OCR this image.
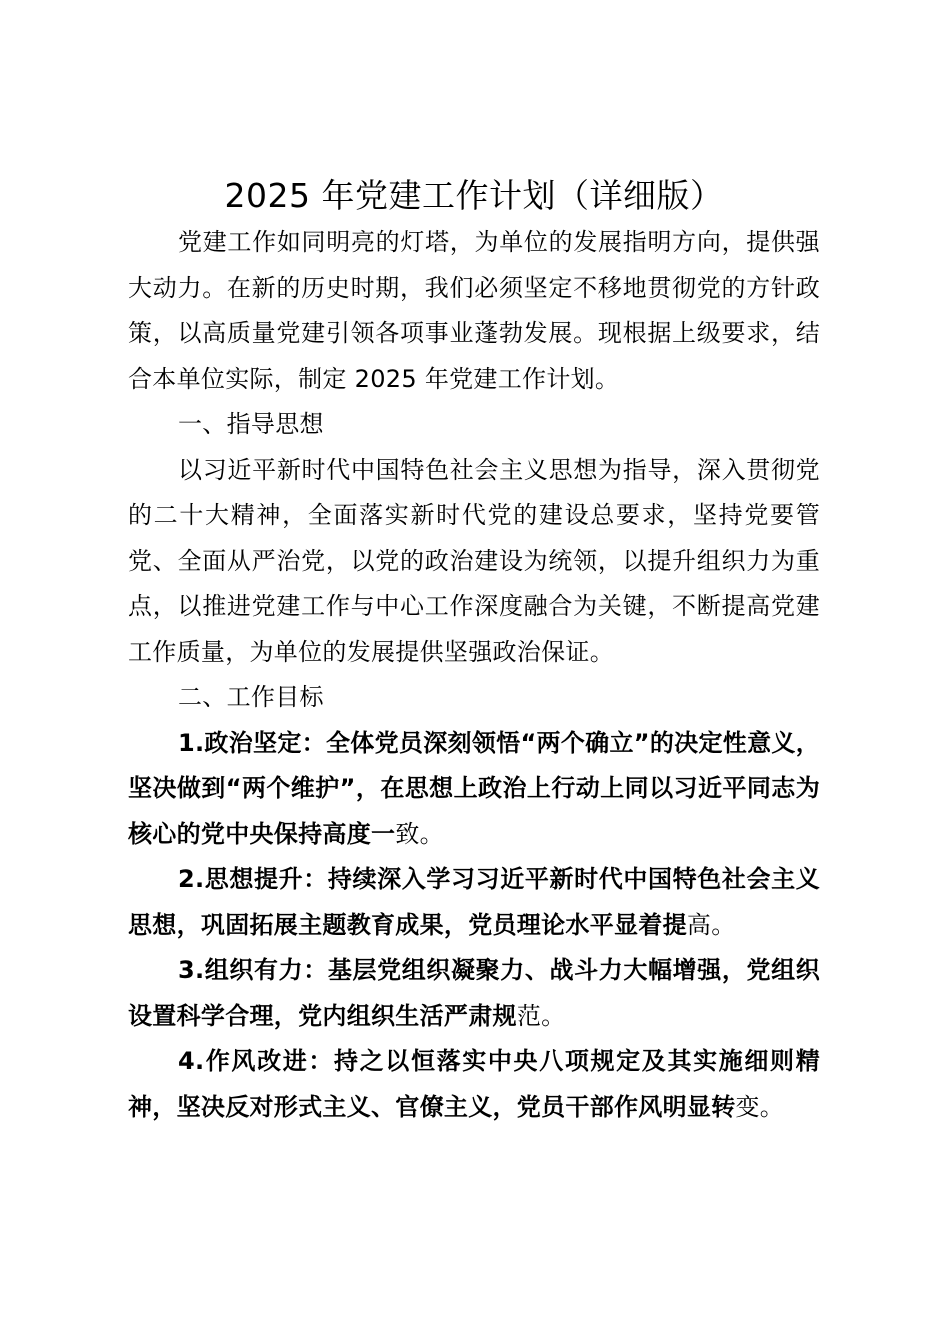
2025 年党建工作计划（详细版）

党建工作如同明亮的灯塔，为单位的发展指明方向，提供强大动力。在新的历史时期，我们必须坚定不移地贯彻党的方针政策，以高质量党建引领各项事业蓬勃发展。现根据上级要求，结合本单位实际，制定 2025 年党建工作计划。

一、指导思想

以习近平新时代中国特色社会主义思想为指导，深入贯彻党的二十大精神，全面落实新时代党的建设总要求，坚持党要管党、全面从严治党，以党的政治建设为统领，以提升组织力为重点，以推进党建工作与中心工作深度融合为关键，不断提高党建工作质量，为单位的发展提供坚强政治保证。

二、工作目标

1.政治坚定：全体党员深刻领悟“两个确立”的决定性意义，坚决做到“两个维护”，在思想上政治上行动上同以习近平同志为核心的党中央保持高度一致。

2.思想提升：持续深入学习习近平新时代中国特色社会主义思想，巩固拓展主题教育成果，党员理论水平显着提高。

3.组织有力：基层党组织凝聚力、战斗力大幅增强，党组织设置科学合理，党内组织生活严肃规范。

4.作风改进：持之以恒落实中央八项规定及其实施细则精神，坚决反对形式主义、官僚主义，党员干部作风明显转变。
